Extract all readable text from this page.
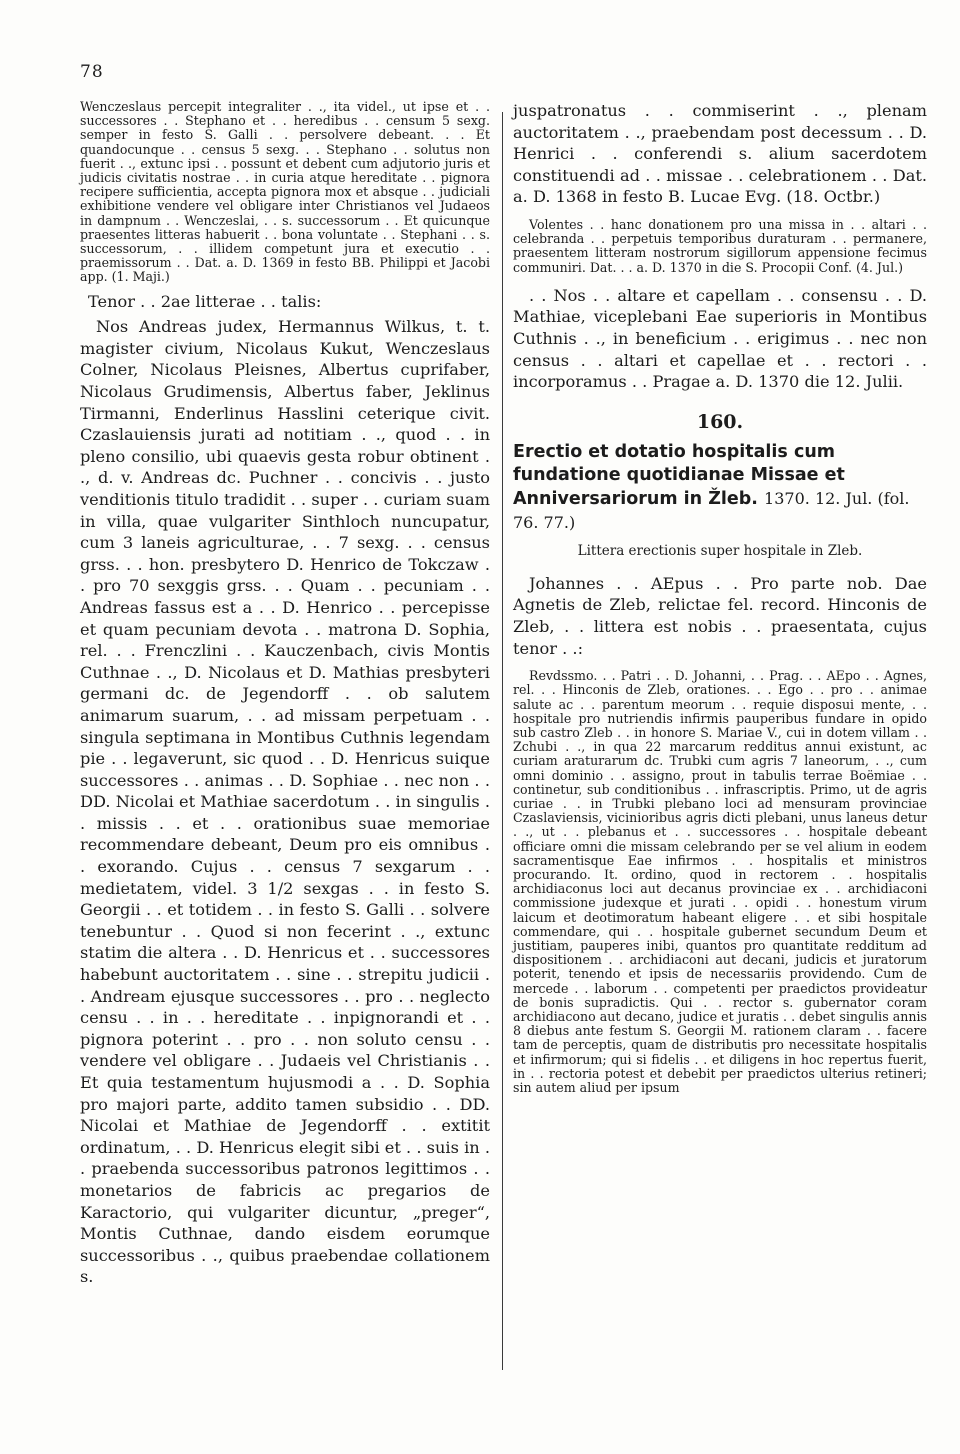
78

Wenczeslaus percepit integraliter . ., ita videl., ut ipse et . . successores . . Stephano et . . heredibus . . censum 5 sexg. semper in festo S. Galli . . persolvere debeant. . . Et quandocunque . . census 5 sexg. . . Stephano . . solutus non fuerit . ., extunc ipsi . . possunt et debent cum adjutorio juris et judicis civitatis nostrae . . in curia atque hereditate . . pignora recipere sufficientia, accepta pignora mox et absque . . judiciali exhibitione vendere vel obligare inter Christianos vel Judaeos in dampnum . . Wenczeslai, . . s. successorum . . Et quicunque praesentes litteras habuerit . . bona voluntate . . Stephani . . s. successorum, . . illidem competunt jura et executio . . praemissorum . . Dat. a. D. 1369 in festo BB. Philippi et Jacobi app. (1. Maji.)

Tenor . . 2ae litterae . . talis:

Nos Andreas judex, Hermannus Wilkus, t. t. magister civium, Nicolaus Kukut, Wenczeslaus Colner, Nicolaus Pleisnes, Albertus cuprifaber, Nicolaus Grudimensis, Albertus faber, Jeklinus Tirmanni, Enderlinus Hasslini ceterique civit. Czaslauiensis jurati ad notitiam . ., quod . . in pleno consilio, ubi quaevis gesta robur obtinent . ., d. v. Andreas dc. Puchner . . concivis . . justo venditionis titulo tradidit . . super . . curiam suam in villa, quae vulgariter Sinthloch nuncupatur, cum 3 laneis agriculturae, . . 7 sexg. . . census grss. . . hon. presbytero D. Henrico de Tokczaw . . pro 70 sexggis grss. . . Quam . . pecuniam . . Andreas fassus est a . . D. Henrico . . percepisse et quam pecuniam devota . . matrona D. Sophia, rel. . . Frenczlini . . Kauczenbach, civis Montis Cuthnae . ., D. Nicolaus et D. Mathias presbyteri germani dc. de Jegendorff . . ob salutem animarum suarum, . . ad missam perpetuam . . singula septimana in Montibus Cuthnis legendam pie . . legaverunt, sic quod . . D. Henricus suique successores . . animas . . D. Sophiae . . nec non . . DD. Nicolai et Mathiae sacerdotum . . in singulis . . missis . . et . . orationibus suae memoriae recommendare debeant, Deum pro eis omnibus . . exorando. Cujus . . census 7 sexgarum . . medietatem, videl. 3 1/2 sexgas . . in festo S. Georgii . . et totidem . . in festo S. Galli . . solvere tenebuntur . . Quod si non fecerint . ., extunc statim die altera . . D. Henricus et . . successores habebunt auctoritatem . . sine . . strepitu judicii . . Andream ejusque successores . . pro . . neglecto censu . . in . . hereditate . . inpignorandi et . . pignora poterint . . pro . . non soluto censu . . vendere vel obligare . . Judaeis vel Christianis . . Et quia testamentum hujusmodi a . . D. Sophia pro majori parte, addito tamen subsidio . . DD. Nicolai et Mathiae de Jegendorff . . extitit ordinatum, . . D. Henricus elegit sibi et . . suis in . . praebenda successoribus patronos legittimos . . monetarios de fabricis ac pregarios de Karactorio, qui vulgariter dicuntur, „preger“, Montis Cuthnae, dando eisdem eorumque successoribus . ., quibus praebendae collationem s.

juspatronatus . . commiserint . ., plenam auctoritatem . ., praebendam post decessum . . D. Henrici . . conferendi s. alium sacerdotem constituendi ad . . missae . . celebrationem . . Dat. a. D. 1368 in festo B. Lucae Evg. (18. Octbr.)

Volentes . . hanc donationem pro una missa in . . altari . . celebranda . . perpetuis temporibus duraturam . . permanere, praesentem litteram nostrorum sigillorum appensione fecimus communiri. Dat. . . a. D. 1370 in die S. Procopii Conf. (4. Jul.)

. . Nos . . altare et capellam . . consensu . . D. Mathiae, viceplebani Eae superioris in Montibus Cuthnis . ., in beneficium . . erigimus . . nec non census . . altari et capellae et . . rectori . . incorporamus . . Pragae a. D. 1370 die 12. Julii.

160.

Erectio et dotatio hospitalis cum fundatione quotidianae Missae et Anniversariorum in Žleb. 1370. 12. Jul. (fol. 76. 77.)

Littera erectionis super hospitale in Zleb.

Johannes . . AEpus . . Pro parte nob. Dae Agnetis de Zleb, relictae fel. record. Hinconis de Zleb, . . littera est nobis . . praesentata, cujus tenor . .:

Revdssmo. . . Patri . . D. Johanni, . . Prag. . . AEpo . . Agnes, rel. . . Hinconis de Zleb, orationes. . . Ego . . pro . . animae salute ac . . parentum meorum . . requie disposui mente, . . hospitale pro nutriendis infirmis pauperibus fundare in opido sub castro Zleb . . in honore S. Mariae V., cui in dotem villam . . Zchubi . ., in qua 22 marcarum redditus annui existunt, ac curiam araturarum dc. Trubki cum agris 7 laneorum, . ., cum omni dominio . . assigno, prout in tabulis terrae Boëmiae . . continetur, sub conditionibus . . infrascriptis. Primo, ut de agris curiae . . in Trubki plebano loci ad mensuram provinciae Czaslaviensis, vicinioribus agris dicti plebani, unus laneus detur . ., ut . . plebanus et . . successores . . hospitale debeant officiare omni die missam celebrando per se vel alium in eodem sacramentisque Eae infirmos . . hospitalis et ministros procurando. It. ordino, quod in rectorem . . hospitalis archidiaconus loci aut decanus provinciae ex . . archidiaconi commissione judexque et jurati . . opidi . . honestum virum laicum et deotimoratum habeant eligere . . et sibi hospitale commendare, qui . . hospitale gubernet secundum Deum et justitiam, pauperes inibi, quantos pro quantitate redditum ad dispositionem . . archidiaconi aut decani, judicis et juratorum poterit, tenendo et ipsis de necessariis providendo. Cum de mercede . . laborum . . competenti per praedictos provideatur de bonis supradictis. Qui . . rector s. gubernator coram archidiacono aut decano, judice et juratis . . debet singulis annis 8 diebus ante festum S. Georgii M. rationem claram . . facere tam de perceptis, quam de distributis pro necessitate hospitalis et infirmorum; qui si fidelis . . et diligens in hoc repertus fuerit, in . . rectoria potest et debebit per praedictos ulterius retineri; sin autem aliud per ipsum
